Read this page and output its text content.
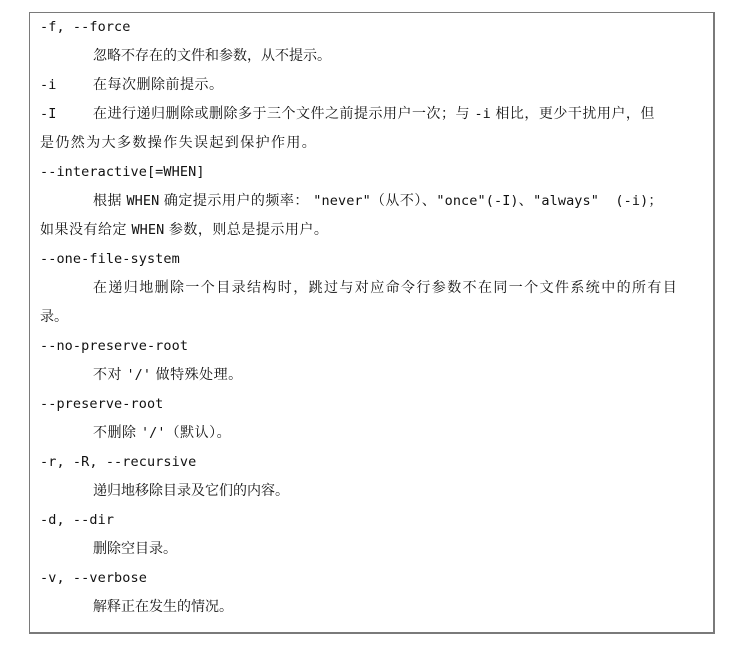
-f, --force
忽略不存在的文件和参数，从不提示。
-i	在每次删除前提示。
-I	在进行递归删除或删除多于三个文件之前提示用户一次；与 -i 相比，更少干扰用户，但
是仍然为大多数操作失误起到保护作用。
--interactive[=WHEN]
根据 WHEN 确定提示用户的频率： "never"（从不）、"once"(-I)、"always"  (-i)；
如果没有给定 WHEN 参数，则总是提示用户。
--one-file-system
在递归地删除一个目录结构时，跳过与对应命令行参数不在同一个文件系统中的所有目
录。
--no-preserve-root
不对 '/' 做特殊处理。
--preserve-root
不删除 '/'（默认）。
-r, -R, --recursive
递归地移除目录及它们的内容。
-d, --dir
删除空目录。
-v, --verbose
解释正在发生的情况。
